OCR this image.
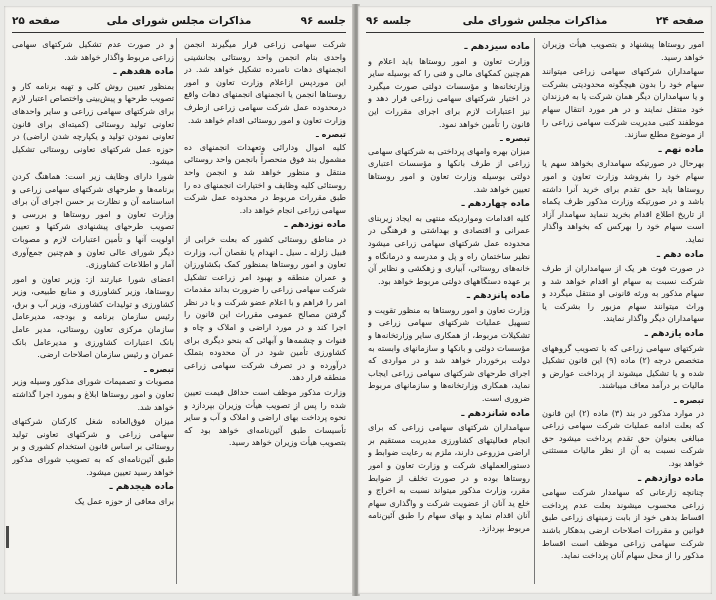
جلسه ۹۶
مذاکرات مجلس شورای ملی
صفحه ۲۵

شرکت سهامی زراعی قرار میگیرند انجمن واحدی بنام انجمن واحد روستائی بجانشینی انجمنهای دهات نامبرده تشکیل خواهد شد. در این موردپس ازاعلام وزارت تعاون و امور روستاها انجمن یا انجمنهای انجمنهای دهات واقع درمحدوده عمل شرکت سهامی زراعی ازطرف وزارت تعاون و امور روستائی اقدام خواهد شد.

تبصره ـ

کلیه اموال ودارائی وتعهدات انجمنهای ده مشمول بند فوق منحصراً بانجمن واحد روستائی منتقل و منظور خواهد شد و انجمن واحد روستائی کلیه وظایف و اختیارات انجمنهای ده را طبق مقررات مربوط در محدوده عمل شرکت سهامی زراعی انجام خواهد داد.

ماده نوزدهم ـ

در مناطق روستائی کشور که بعلت خرابی از قبیل زلزله ـ سیل ـ انهدام یا نقصان آب، وزارت تعاون و امور روستاها بمنظور کمک بکشاورزان و عمران منطقه و بهبود امر زراعت تشکیل شرکت سهامی زراعی را ضرورت بداند مقدمات امر را فراهم و با اعلام عضو شرکت و با در نظر گرفتن مصالح عمومی مقررات این قانون را اجرا کند و در مورد اراضی و املاک و چاه و قنوات و چشمه‌ها و آبهائی که بنحو دیگری برای کشاورزی تأمین شود در آن محدوده بتملک درآورده و در تصرف شرکت سهامی زراعی منطقه قرار دهد.

وزارت مذکور موظف است حداقل قیمت تعیین شده را پس از تصویب هیأت وزیران بپردازد و نحوه پرداخت بهای اراضی و املاک و آب و سایر تأسیسات طبق آئین‌نامه‌ای خواهد بود که بتصویب هیأت وزیران خواهد رسید.

و در صورت عدم تشکیل شرکتهای سهامی زراعی مربوط واگذار خواهد شد.

ماده هفدهم ـ

بمنظور تعیین روش کلی و تهیه برنامه کار و تصویب طرحها و پیش‌بینی واختصاص اعتبار لازم برای شرکتهای سهامی زراعی و سایر واحدهای تعاونی تولید روستائی (کمیته‌ای برای قانون تعاونی نمودن تولید و یکپارچه شدن اراضی) در حوزه عمل شرکتهای تعاونی روستائی تشکیل میشود.

شورا دارای وظایف زیر است: هماهنگ کردن برنامه‌ها و طرحهای شرکتهای سهامی زراعی و اساسنامه آن و نظارت بر حسن اجرای آن برای وزارت تعاون و امور روستاها و بررسی و تصویب طرحهای پیشنهادی شرکتها و تعیین اولویت آنها و تأمین اعتبارات لازم و مصوبات دیگر شورای عالی تعاون و هم‌چنین جمع‌آوری آمار و اطلاعات کشاورزی.

اعضای شورا عبارتند از: وزیر تعاون و امور روستاها، وزیر کشاورزی و منابع طبیعی، وزیر کشاورزی و تولیدات کشاورزی، وزیر آب و برق، رئیس سازمان برنامه و بودجه، مدیرعامل سازمان مرکزی تعاون روستائی، مدیر عامل بانک اعتبارات کشاورزی و مدیرعامل بانک عمران و رئیس سازمان اصلاحات ارضی.

تبصره ـ

مصوبات و تصمیمات شورای مذکور وسیله وزیر تعاون و امور روستاها ابلاغ و بمورد اجرا گذاشته خواهد شد.

میزان فوق‌العاده شغل کارکنان شرکتهای سهامی زراعی و شرکتهای تعاونی تولید روستائی بر اساس قانون استخدام کشوری و بر طبق آئین‌نامه‌ای که به تصویب شورای مذکور خواهد رسید تعیین میشود.

ماده هیجدهم ـ

برای معافی از حوزه عمل یک

صفحه ۲۴
مذاکرات مجلس شورای ملی
جلسه ۹۶

امور روستاها پیشنهاد و بتصویب هیأت وزیران خواهد رسید.

سهامداران شرکتهای سهامی زراعی میتوانند سهام خود را بدون هیچگونه محدودیتی بشرکت و یا سهامداران دیگر همان شرکت یا به فرزندان خود منتقل نمایند و در هر مورد انتقال سهام موظفند کتبی مدیریت شرکت سهامی زراعی را از موضوع مطلع سازند.

ماده نهم ـ

بهرحال در صورتیکه سهامداری بخواهد سهم یا سهام خود را بفروشد وزارت تعاون و امور روستاها باید حق تقدم برای خرید آنرا داشته باشد و در صورتیکه وزارت مذکور ظرف یکماه از تاریخ اطلاع اقدام بخرید ننماید سهامدار آزاد است سهام خود را بهرکس که بخواهد واگذار نماید.

ماده دهم ـ

در صورت فوت هر یک از سهامداران از طرف شرکت نسبت به سهام او اقدام خواهد شد و سهام مذکور به ورثه قانونی او منتقل میگردد و وراث میتوانند سهام مزبور را بشرکت یا سهامداران دیگر واگذار نمایند.

ماده یازدهم ـ

شرکتهای سهامی زراعی که با تصویب گروههای متخصص درجه (۲) ماده (۹) این قانون تشکیل شده و یا تشکیل میشوند از پرداخت عوارض و مالیات بر درآمد معاف میباشند.

تبصره ـ

در موارد مذکور در بند (۳) ماده (۲) این قانون که بعلت ادامه عملیات شرکت سهامی زراعی مبالغی بعنوان حق تقدم پرداخت میشود حق شرکت نسبت به آن از نظر مالیات مستثنی خواهد بود.

ماده دوازدهم ـ

چنانچه زارعانی که سهامدار شرکت سهامی زراعی محسوب میشوند بعلت عدم پرداخت اقساط بدهی خود از بابت زمینهای زراعی طبق قوانین و مقررات اصلاحات ارضی بدهکار باشند شرکت سهامی زراعی موظف است اقساط مذکور را از محل سهام آنان پرداخت نماید.

ماده سیزدهم ـ

وزارت تعاون و امور روستاها باید اعلام و هم‌چنین کمکهای مالی و فنی را که بوسیله سایر وزارتخانه‌ها و مؤسسات دولتی صورت میگیرد در اختیار شرکتهای سهامی زراعی قرار دهد و نیز اعتبارات لازم برای اجرای مقررات این قانون را تأمین خواهد نمود.

تبصره ـ

میزان بهره وامهای پرداختی به شرکتهای سهامی زراعی از طرف بانکها و مؤسسات اعتباری دولتی بوسیله وزارت تعاون و امور روستاها تعیین خواهد شد.

ماده چهاردهم ـ

کلیه اقدامات ومواردیکه منتهی به ایجاد زیربنای عمرانی و اقتصادی و بهداشتی و فرهنگی در محدوده عمل شرکتهای سهامی زراعی میشود نظیر ساختمان راه و پل و مدرسه و درمانگاه و خانه‌های روستائی، آبیاری و زهکشی و نظایر آن بر عهده دستگاههای دولتی مربوط خواهد بود.

ماده پانزدهم ـ

وزارت تعاون و امور روستاها به منظور تقویت و تسهیل عملیات شرکتهای سهامی زراعی و تشکیلات مربوط، از همکاری سایر وزارتخانه‌ها و مؤسسات دولتی و بانکها و سازمانهای وابسته به دولت برخوردار خواهد شد و در مواردی که اجرای طرحهای شرکتهای سهامی زراعی ایجاب نماید، همکاری وزارتخانه‌ها و سازمانهای مربوط ضروری است.

ماده شانزدهم ـ

سهامداران شرکتهای سهامی زراعی که برای انجام فعالیتهای کشاورزی مدیریت مستقیم بر اراضی مزروعی دارند، ملزم به رعایت ضوابط و دستورالعملهای شرکت و وزارت تعاون و امور روستاها بوده و در صورت تخلف از ضوابط مقرر، وزارت مذکور میتواند نسبت به اخراج و خلع ید آنان از عضویت شرکت و واگذاری سهام آنان اقدام نماید و بهای سهام را طبق آئین‌نامه مربوط بپردازد.
